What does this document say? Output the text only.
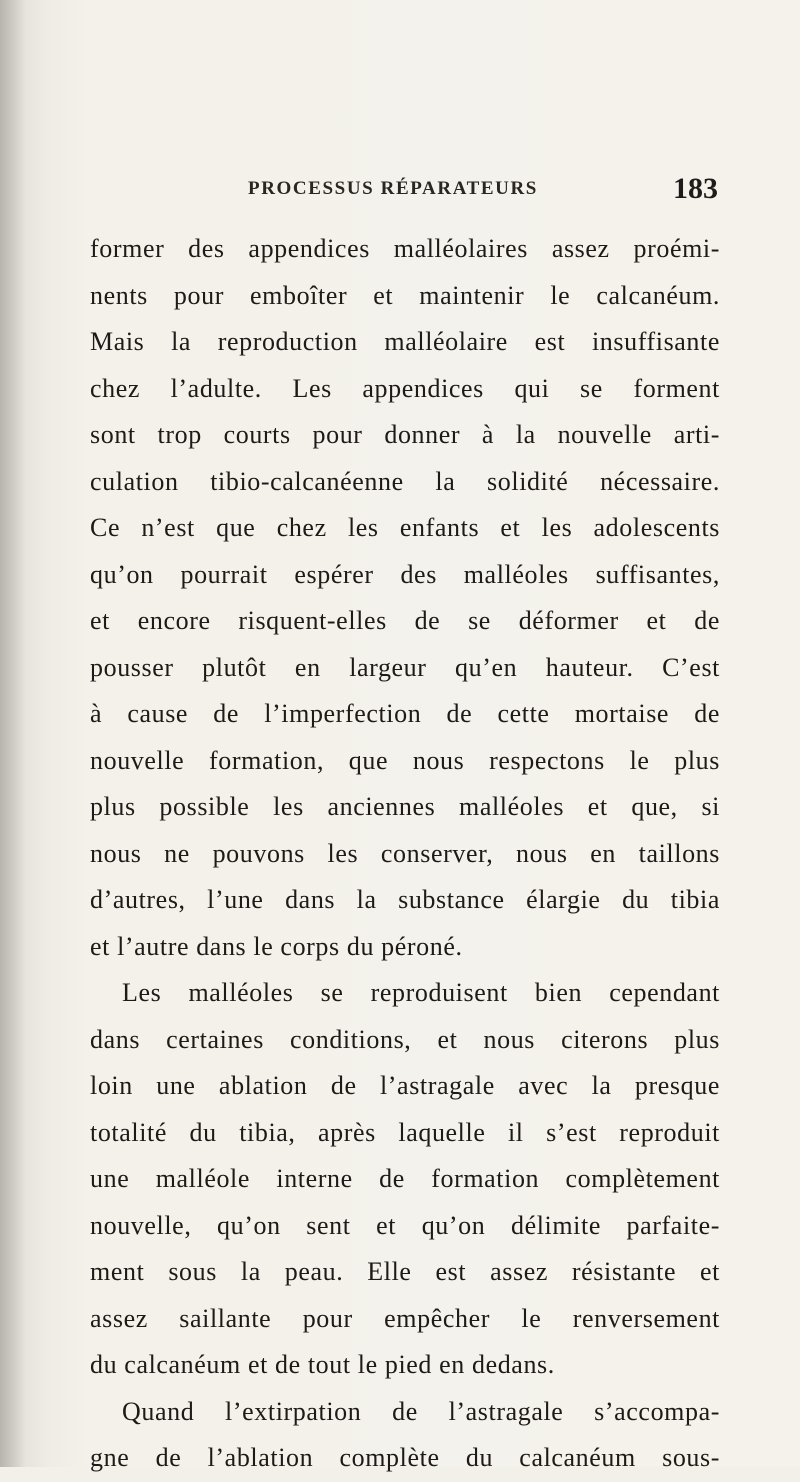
PROCESSUS RÉPARATEURS	183
former des appendices malléolaires assez proémi-
nents pour emboîter et maintenir le calcanéum.
Mais la reproduction malléolaire est insuffisante
chez l’adulte. Les appendices qui se forment
sont trop courts pour donner à la nouvelle arti-
culation tibio-calcanéenne la solidité nécessaire.
Ce n’est que chez les enfants et les adolescents
qu’on pourrait espérer des malléoles suffisantes,
et encore risquent-elles de se déformer et de
pousser plutôt en largeur qu’en hauteur. C’est
à cause de l’imperfection de cette mortaise de
nouvelle formation, que nous respectons le plus
plus possible les anciennes malléoles et que, si
nous ne pouvons les conserver, nous en taillons
d’autres, l’une dans la substance élargie du tibia
et l’autre dans le corps du péroné.
Les malléoles se reproduisent bien cependant
dans certaines conditions, et nous citerons plus
loin une ablation de l’astragale avec la presque
totalité du tibia, après laquelle il s’est reproduit
une malléole interne de formation complètement
nouvelle, qu’on sent et qu’on délimite parfaite-
ment sous la peau. Elle est assez résistante et
assez saillante pour empêcher le renversement
du calcanéum et de tout le pied en dedans.
Quand l’extirpation de l’astragale s’accompa-
gne de l’ablation complète du calcanéum sous-
